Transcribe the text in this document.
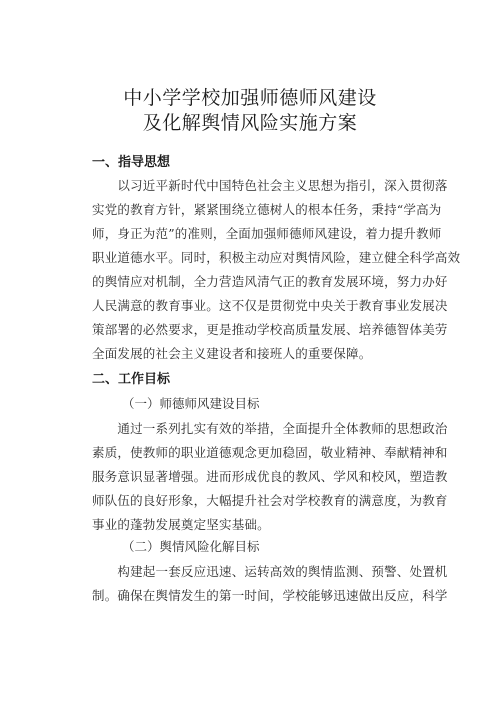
中小学学校加强师德师风建设
及化解舆情风险实施方案
一、指导思想
　　以习近平新时代中国特色社会主义思想为指引，深入贯彻落
实党的教育方针，紧紧围绕立德树人的根本任务，秉持“学高为
师，身正为范”的准则，全面加强师德师风建设，着力提升教师
职业道德水平。同时，积极主动应对舆情风险，建立健全科学高效
的舆情应对机制，全力营造风清气正的教育发展环境，努力办好
人民满意的教育事业。这不仅是贯彻党中央关于教育事业发展决
策部署的必然要求，更是推动学校高质量发展、培养德智体美劳
全面发展的社会主义建设者和接班人的重要保障。
二、工作目标
（一）师德师风建设目标
　　通过一系列扎实有效的举措，全面提升全体教师的思想政治
素质，使教师的职业道德观念更加稳固，敬业精神、奉献精神和
服务意识显著增强。进而形成优良的教风、学风和校风，塑造教
师队伍的良好形象，大幅提升社会对学校教育的满意度，为教育
事业的蓬勃发展奠定坚实基础。
（二）舆情风险化解目标
　　构建起一套反应迅速、运转高效的舆情监测、预警、处置机
制。确保在舆情发生的第一时间，学校能够迅速做出反应，科学
